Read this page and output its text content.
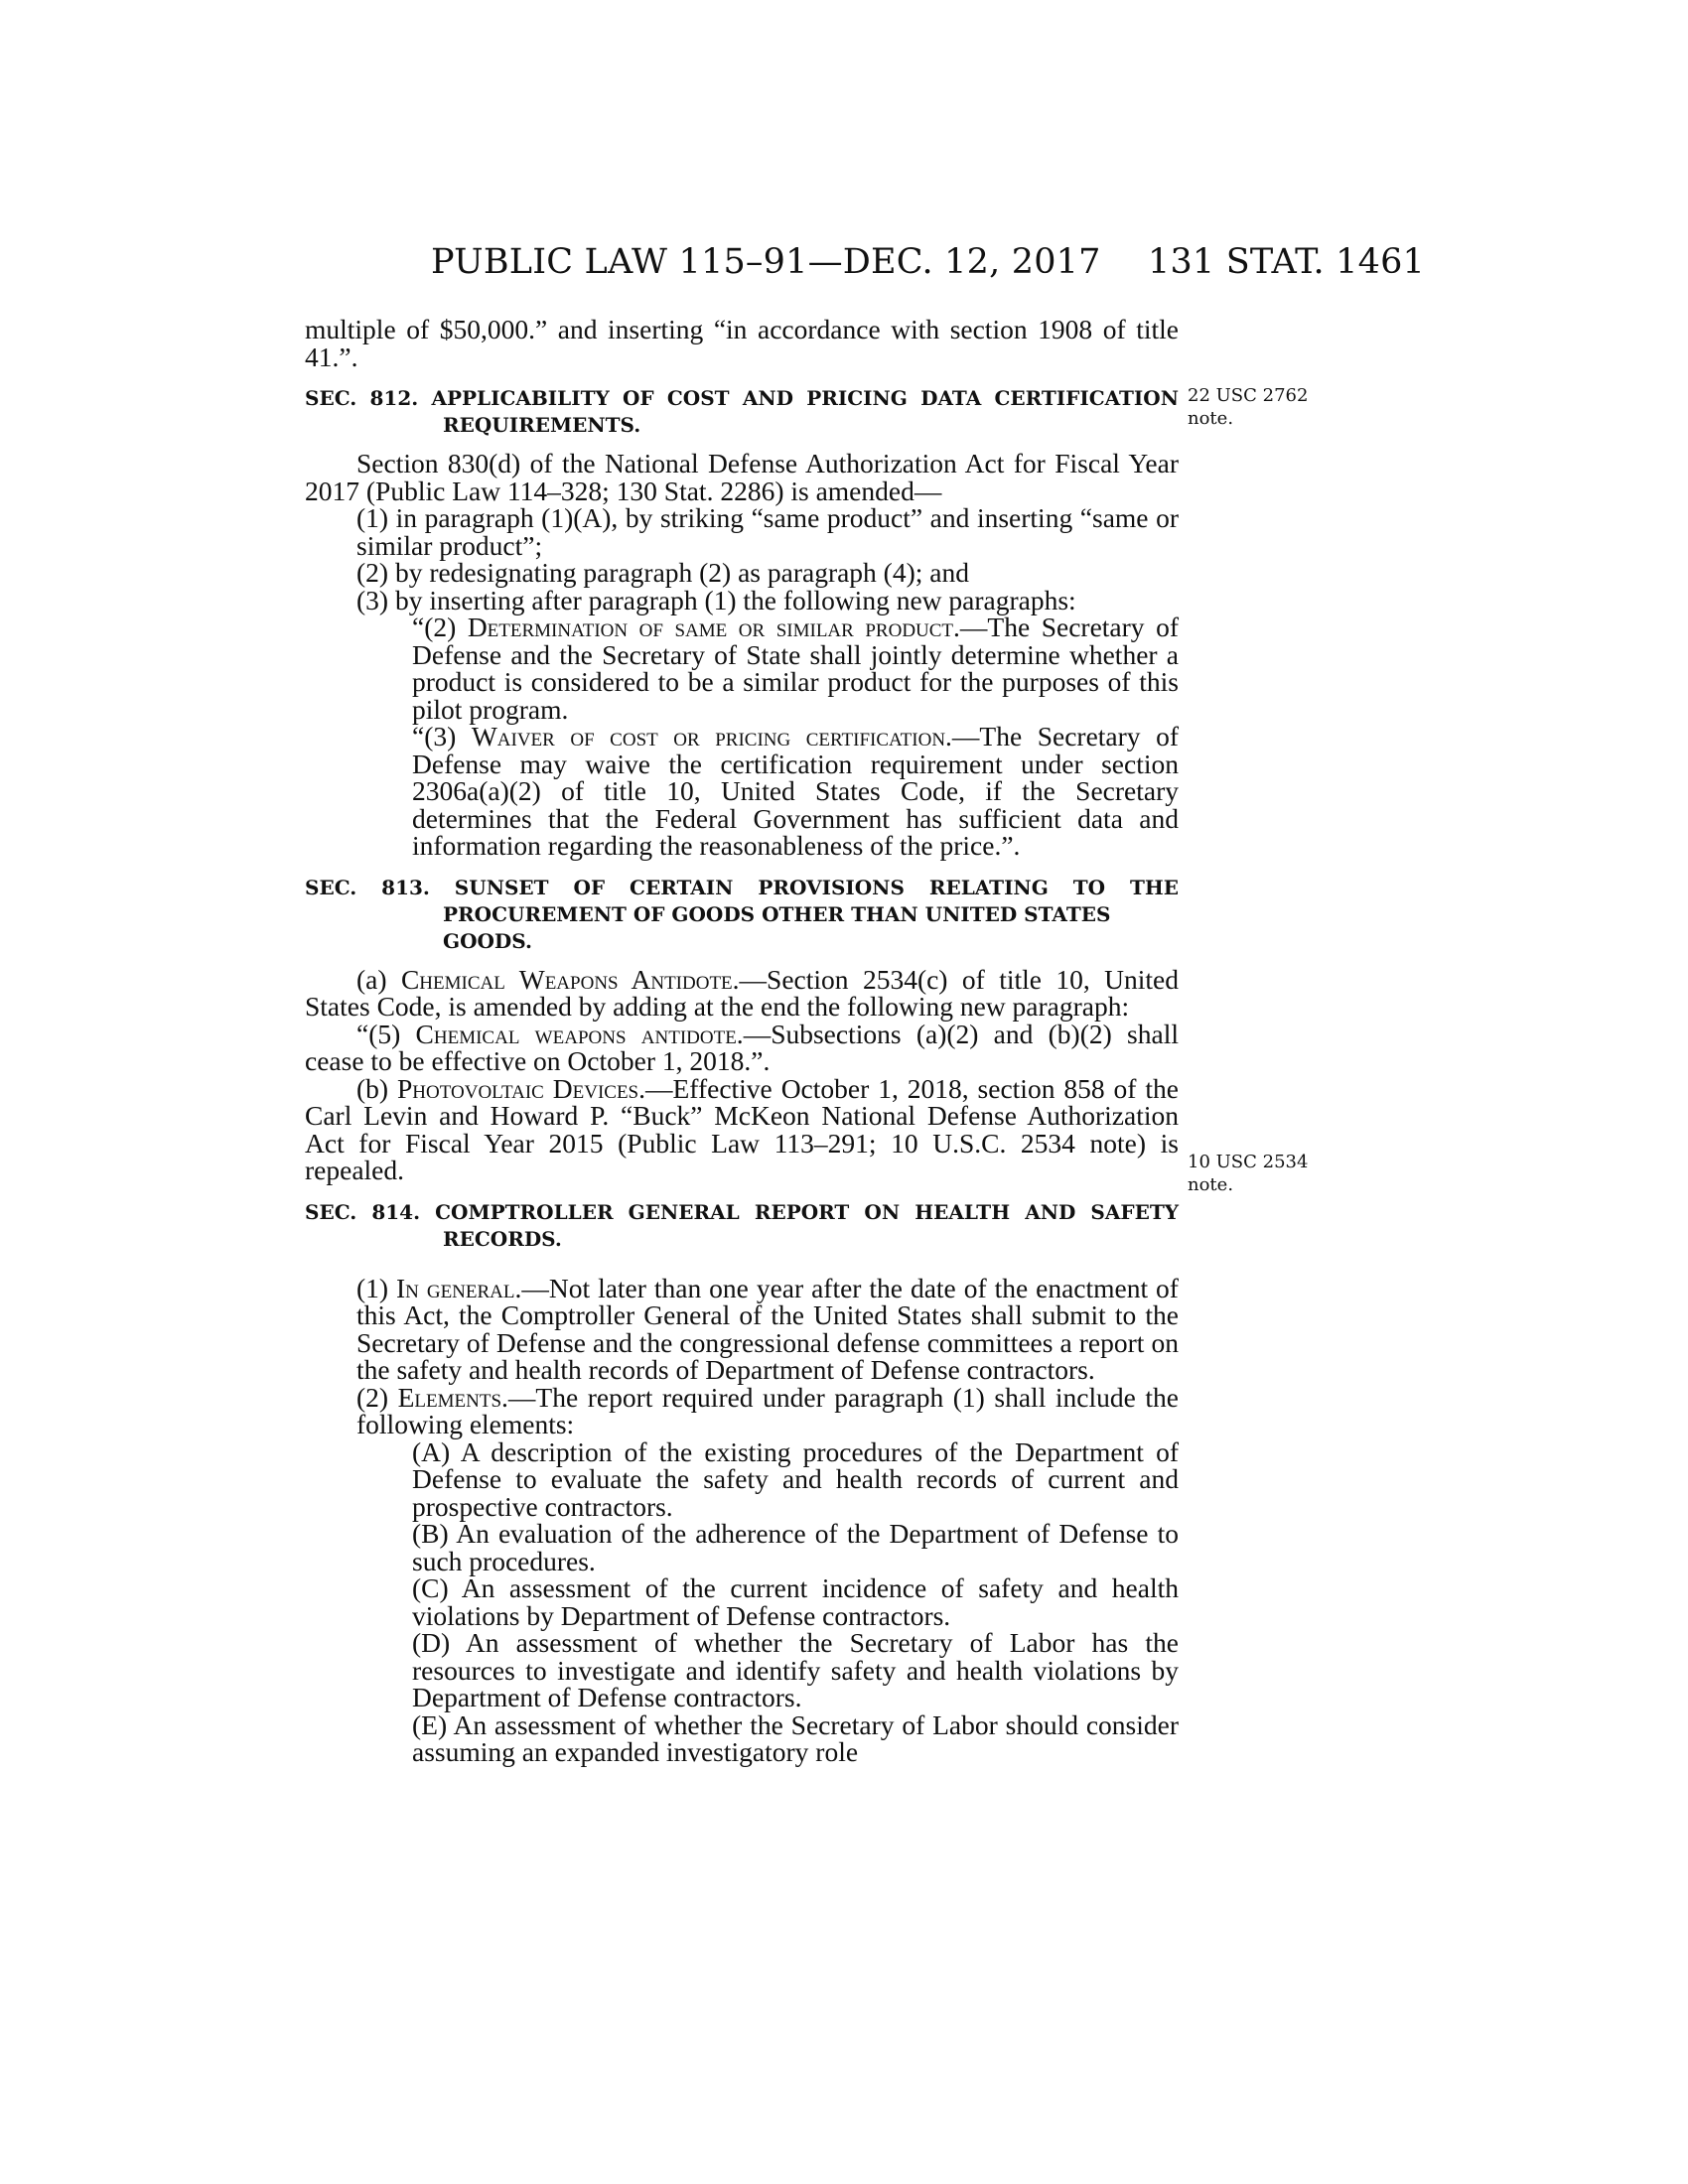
PUBLIC LAW 115–91—DEC. 12, 2017 131 STAT. 1461
22 USC 2762
note.
10 USC 2534
note.

multiple of $50,000.” and inserting “in accordance with section 1908 of title 41.”.

SEC. 812. APPLICABILITY OF COST AND PRICING DATA CERTIFICATION
REQUIREMENTS.

Section 830(d) of the National Defense Authorization Act for Fiscal Year 2017 (Public Law 114–328; 130 Stat. 2286) is amended—

(1) in paragraph (1)(A), by striking “same product” and inserting “same or similar product”;

(2) by redesignating paragraph (2) as paragraph (4); and

(3) by inserting after paragraph (1) the following new paragraphs:

“(2) Determination of same or similar product.—The Secretary of Defense and the Secretary of State shall jointly determine whether a product is considered to be a similar product for the purposes of this pilot program.

“(3) Waiver of cost or pricing certification.—The Secretary of Defense may waive the certification requirement under section 2306a(a)(2) of title 10, United States Code, if the Secretary determines that the Federal Government has sufficient data and information regarding the reasonableness of the price.”.

SEC. 813. SUNSET OF CERTAIN PROVISIONS RELATING TO THE
PROCUREMENT OF GOODS OTHER THAN UNITED STATES
GOODS.

(a) Chemical Weapons Antidote.—Section 2534(c) of title 10, United States Code, is amended by adding at the end the following new paragraph:

“(5) Chemical weapons antidote.—Subsections (a)(2) and (b)(2) shall cease to be effective on October 1, 2018.”.

(b) Photovoltaic Devices.—Effective October 1, 2018, section 858 of the Carl Levin and Howard P. “Buck” McKeon National Defense Authorization Act for Fiscal Year 2015 (Public Law 113–291; 10 U.S.C. 2534 note) is repealed.

SEC. 814. COMPTROLLER GENERAL REPORT ON HEALTH AND SAFETY
RECORDS.

(1) In general.—Not later than one year after the date of the enactment of this Act, the Comptroller General of the United States shall submit to the Secretary of Defense and the congressional defense committees a report on the safety and health records of Department of Defense contractors.

(2) Elements.—The report required under paragraph (1) shall include the following elements:

(A) A description of the existing procedures of the Department of Defense to evaluate the safety and health records of current and prospective contractors.

(B) An evaluation of the adherence of the Department of Defense to such procedures.

(C) An assessment of the current incidence of safety and health violations by Department of Defense contractors.

(D) An assessment of whether the Secretary of Labor has the resources to investigate and identify safety and health violations by Department of Defense contractors.

(E) An assessment of whether the Secretary of Labor should consider assuming an expanded investigatory role
